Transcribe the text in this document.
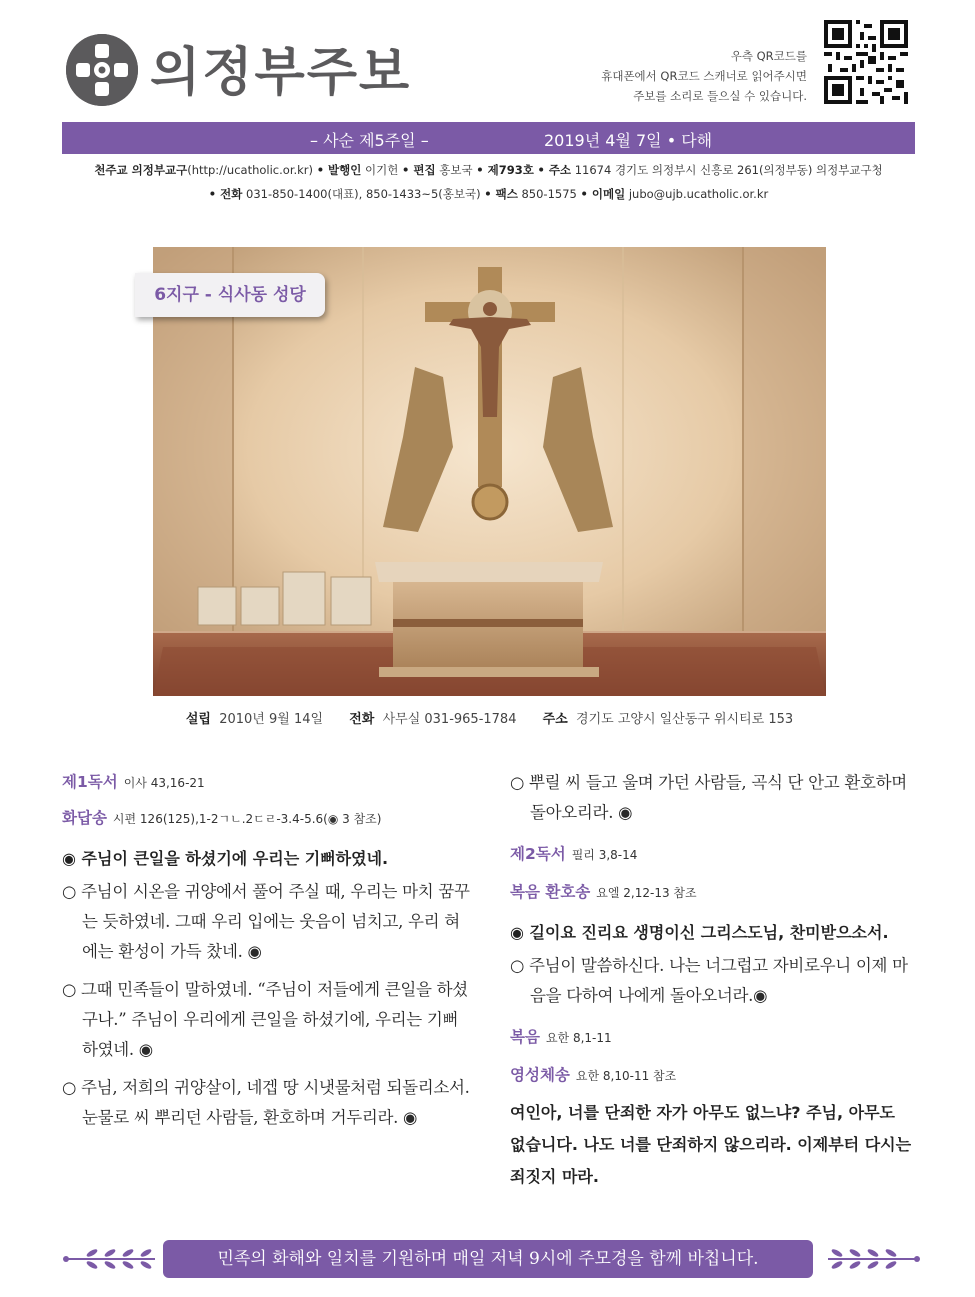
의정부주보	우측 QR코드를
휴대폰에서 QR코드 스캐너로 읽어주시면
주보를 소리로 들으실 수 있습니다.
– 사순 제5주일 –	2019년 4월 7일 • 다해
천주교 의정부교구(http://ucatholic.or.kr) • 발행인 이기헌 • 편집 홍보국 • 제793호 • 주소 11674 경기도 의정부시 신흥로 261(의정부동) 의정부교구청
• 전화 031-850-1400(대표), 850-1433~5(홍보국) • 팩스 850-1575 • 이메일 jubo@ujb.ucatholic.or.kr
6지구 - 식사동 성당
설립 2010년 9월 14일 전화 사무실 031-965-1784 주소 경기도 고양시 일산동구 위시티로 153

제1독서 이사 43,16-21

화답송 시편 126(125),1-2ㄱㄴ.2ㄷㄹ-3.4-5.6(◉ 3 참조)

◉ 주님이 큰일을 하셨기에 우리는 기뻐하였네.

○ 주님이 시온을 귀양에서 풀어 주실 때, 우리는 마치 꿈꾸는 듯하였네. 그때 우리 입에는 웃음이 넘치고, 우리 혀에는 환성이 가득 찼네. ◉

○ 그때 민족들이 말하였네. “주님이 저들에게 큰일을 하셨구나.” 주님이 우리에게 큰일을 하셨기에, 우리는 기뻐하였네. ◉

○ 주님, 저희의 귀양살이, 네겝 땅 시냇물처럼 되돌리소서. 눈물로 씨 뿌리던 사람들, 환호하며 거두리라. ◉

○ 뿌릴 씨 들고 울며 가던 사람들, 곡식 단 안고 환호하며 돌아오리라. ◉

제2독서 필리 3,8-14

복음 환호송 요엘 2,12-13 참조

◉ 길이요 진리요 생명이신 그리스도님, 찬미받으소서.

○ 주님이 말씀하신다. 나는 너그럽고 자비로우니 이제 마음을 다하여 나에게 돌아오너라.◉

복음 요한 8,1-11

영성체송 요한 8,10-11 참조

여인아, 너를 단죄한 자가 아무도 없느냐? 주님, 아무도 없습니다. 나도 너를 단죄하지 않으리라. 이제부터 다시는 죄짓지 마라.

민족의 화해와 일치를 기원하며 매일 저녁 9시에 주모경을 함께 바칩니다.
